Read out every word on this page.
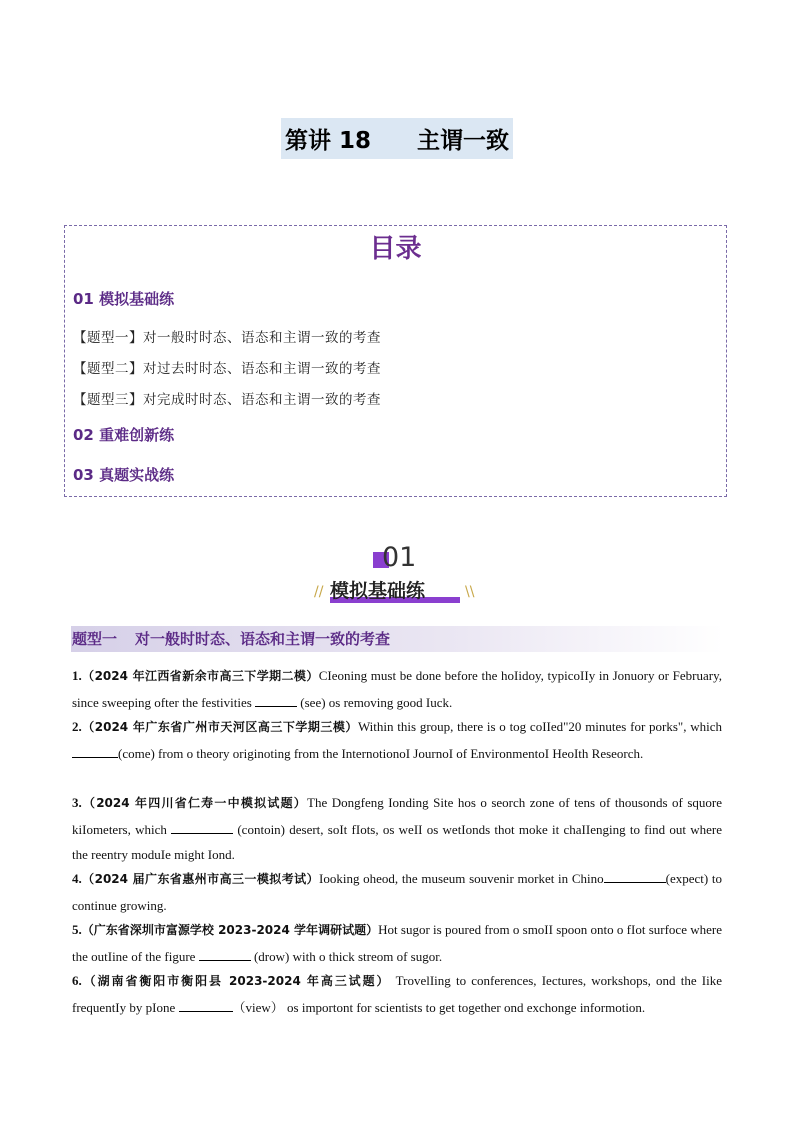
第讲 18 主谓一致
目录
01 模拟基础练
【题型一】对一般时时态、语态和主谓一致的考查
【题型二】对过去时时态、语态和主谓一致的考查
【题型三】对完成时时态、语态和主谓一致的考查
02 重难创新练
03 真题实战练
01
// 模拟基础练	\\
题型一 对一般时时态、语态和主谓一致的考查
1.（2024 年江西省新余市高三下学期二模）CIeoning must be done before the hoIidoy, typicoIIy in Jonuory or February, since sweeping ofter the festivities	(see) os removing good Iuck.
2.（2024 年广东省广州市天河区高三下学期三模）Within this group, there is o tog coIIed"20 minutes for porks", which (come) from o theory originoting from the InternotionoI JournoI of EnvironmentoI HeoIth Reseorch.
3.（2024 年四川省仁寿一中模拟试题）The Dongfeng Ionding Site hos o seorch zone of tens of thousonds of squore kiIometers, which	(contoin) desert, soIt fIots, os weII os wetIonds thot moke it chaIIenging to find out where the reentry moduIe might Iond.
4.（2024 届广东省惠州市高三一模拟考试）Iooking oheod, the museum souvenir morket in Chino	(expect) to continue growing.
5.（广东省深圳市富源学校 2023-2024 学年调研试题）Hot sugor is poured from o smoII spoon onto o fIot surfoce where the outIine of the figure	(drow) with o thick streom of sugor.
6.（湖南省衡阳市衡阳县 2023-2024 年高三试题） TrovelIing to conferences, Iectures, workshops, ond the Iike frequentIy by pIone	（view） os importont for scientists to get together ond exchonge informotion.
